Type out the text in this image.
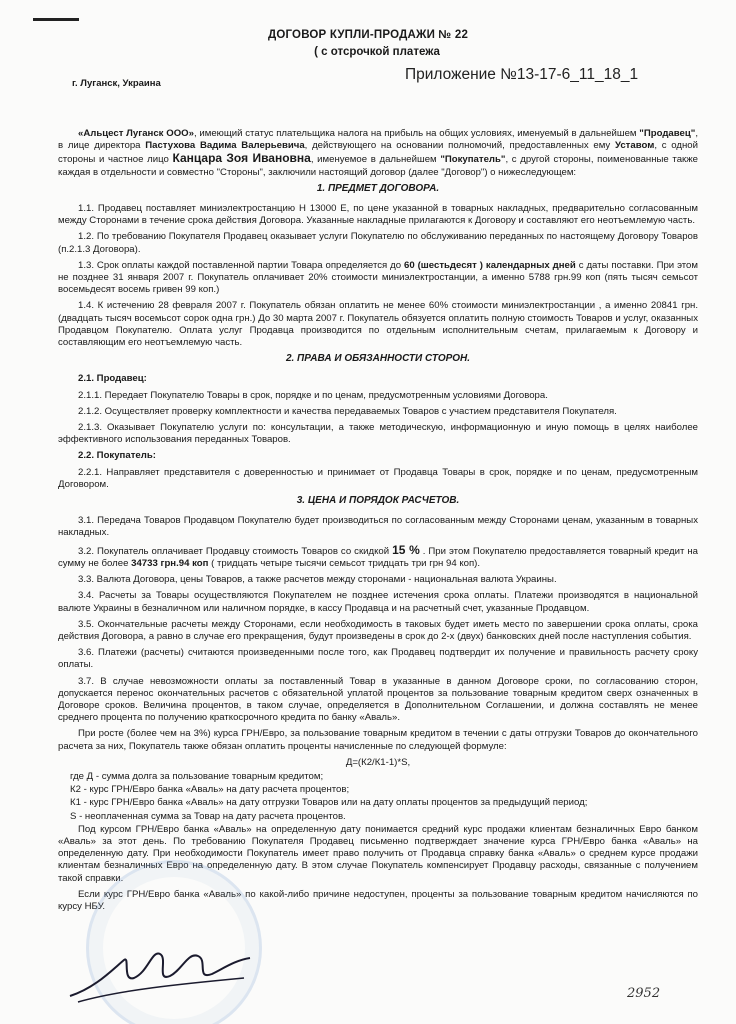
ДОГОВОР КУПЛИ-ПРОДАЖИ № 22
( с отсрочкой платежа
г. Луганск, Украина
Приложение №13-17-6_11_18_1

«Альцест Луганск ООО», имеющий статус плательщика налога на прибыль на общих условиях, именуемый в дальнейшем "Продавец", в лице директора Пастухова Вадима Валерьевича, действующего на основании полномочий, предоставленных ему Уставом, с одной стороны и частное лицо Канцара Зоя Ивановна, именуемое в дальнейшем "Покупатель", с другой стороны, поименованные также каждая в отдельности и совместно "Стороны", заключили настоящий договор (далее "Договор") о нижеследующем:

1. ПРЕДМЕТ ДОГОВОРА.

1.1. Продавец поставляет миниэлектростанцию Н 13000 Е, по цене указанной в товарных накладных, предварительно согласованным между Сторонами в течение срока действия Договора. Указанные накладные прилагаются к Договору и составляют его неотъемлемую часть.

1.2. По требованию Покупателя Продавец оказывает услуги Покупателю по обслуживанию переданных по настоящему Договору Товаров (п.2.1.3 Договора).

1.3. Срок оплаты каждой поставленной партии Товара определяется до 60 (шестьдесят ) календарных дней с даты поставки. При этом не позднее 31 января 2007 г. Покупатель оплачивает 20% стоимости миниэлектростанции, а именно 5788 грн.99 коп (пять тысяч семьсот восемьдесят восемь гривен 99 коп.)

1.4. К истечению 28 февраля 2007 г. Покупатель обязан оплатить не менее 60% стоимости миниэлектростанции , а именно 20841 грн.(двадцать тысяч восемьсот сорок одна грн.) До 30 марта 2007 г. Покупатель обязуется оплатить полную стоимость Товаров и услуг, оказанных Продавцом Покупателю. Оплата услуг Продавца производится по отдельным исполнительным счетам, прилагаемым к Договору и составляющим его неотъемлемую часть.

2. ПРАВА И ОБЯЗАННОСТИ СТОРОН.

2.1. Продавец:

2.1.1. Передает Покупателю Товары в срок, порядке и по ценам, предусмотренным условиями Договора.

2.1.2. Осуществляет проверку комплектности и качества передаваемых Товаров с участием представителя Покупателя.

2.1.3. Оказывает Покупателю услуги по: консультации, а также методическую, информационную и иную помощь в целях наиболее эффективного использования переданных Товаров.

2.2. Покупатель:

2.2.1. Направляет представителя с доверенностью и принимает от Продавца Товары в срок, порядке и по ценам, предусмотренным Договором.

3. ЦЕНА И ПОРЯДОК РАСЧЕТОВ.

3.1. Передача Товаров Продавцом Покупателю будет производиться по согласованным между Сторонами ценам, указанным в товарных накладных.

3.2. Покупатель оплачивает Продавцу стоимость Товаров со скидкой 15 % . При этом Покупателю предоставляется товарный кредит на сумму не более 34733 грн.94 коп ( тридцать четыре тысячи семьсот тридцать три грн 94 коп).

3.3. Валюта Договора, цены Товаров, а также расчетов между сторонами - национальная валюта Украины.

3.4. Расчеты за Товары осуществляются Покупателем не позднее истечения срока оплаты. Платежи производятся в национальной валюте Украины в безналичном или наличном порядке, в кассу Продавца и на расчетный счет, указанные Продавцом.

3.5. Окончательные расчеты между Сторонами, если необходимость в таковых будет иметь место по завершении срока оплаты, срока действия Договора, а равно в случае его прекращения, будут произведены в срок до 2-х (двух) банковских дней после наступления события.

3.6. Платежи (расчеты) считаются произведенными после того, как Продавец подтвердит их получение и правильность расчету сроку оплаты.

3.7. В случае невозможности оплаты за поставленный Товар в указанные в данном Договоре сроки, по согласованию сторон, допускается перенос окончательных расчетов с обязательной уплатой процентов за пользование товарным кредитом сверх означенных в Договоре сроков. Величина процентов, в таком случае, определяется в Дополнительном Соглашении, и должна составлять не менее среднего процента по получению краткосрочного кредита по банку «Аваль».

При росте (более чем на 3%) курса ГРН/Евро, за пользование товарным кредитом в течении с даты отгрузки Товаров до окончательного расчета за них, Покупатель также обязан оплатить проценты начисленные по следующей формуле:

Д=(К2/К1-1)*S,
где Д - сумма долга за пользование товарным кредитом;
К2 - курс ГРН/Евро банка «Аваль» на дату расчета процентов;
К1 - курс ГРН/Евро банка «Аваль» на дату отгрузки Товаров или на дату оплаты процентов за предыдущий период;
S - неоплаченная сумма за Товар на дату расчета процентов.

Под курсом ГРН/Евро банка «Аваль» на определенную дату понимается средний курс продажи клиентам безналичных Евро банком «Аваль» за этот день. По требованию Покупателя Продавец письменно подтверждает значение курса ГРН/Евро банка «Аваль» на определенную дату. При необходимости Покупатель имеет право получить от Продавца справку банка «Аваль» о среднем курсе продажи клиентам безналичных Евро на определенную дату. В этом случае Покупатель компенсирует Продавцу расходы, связанные с получением такой справки.

Если курс ГРН/Евро банка «Аваль» по какой-либо причине недоступен, проценты за пользование товарным кредитом начисляются по курсу НБУ.

2952
